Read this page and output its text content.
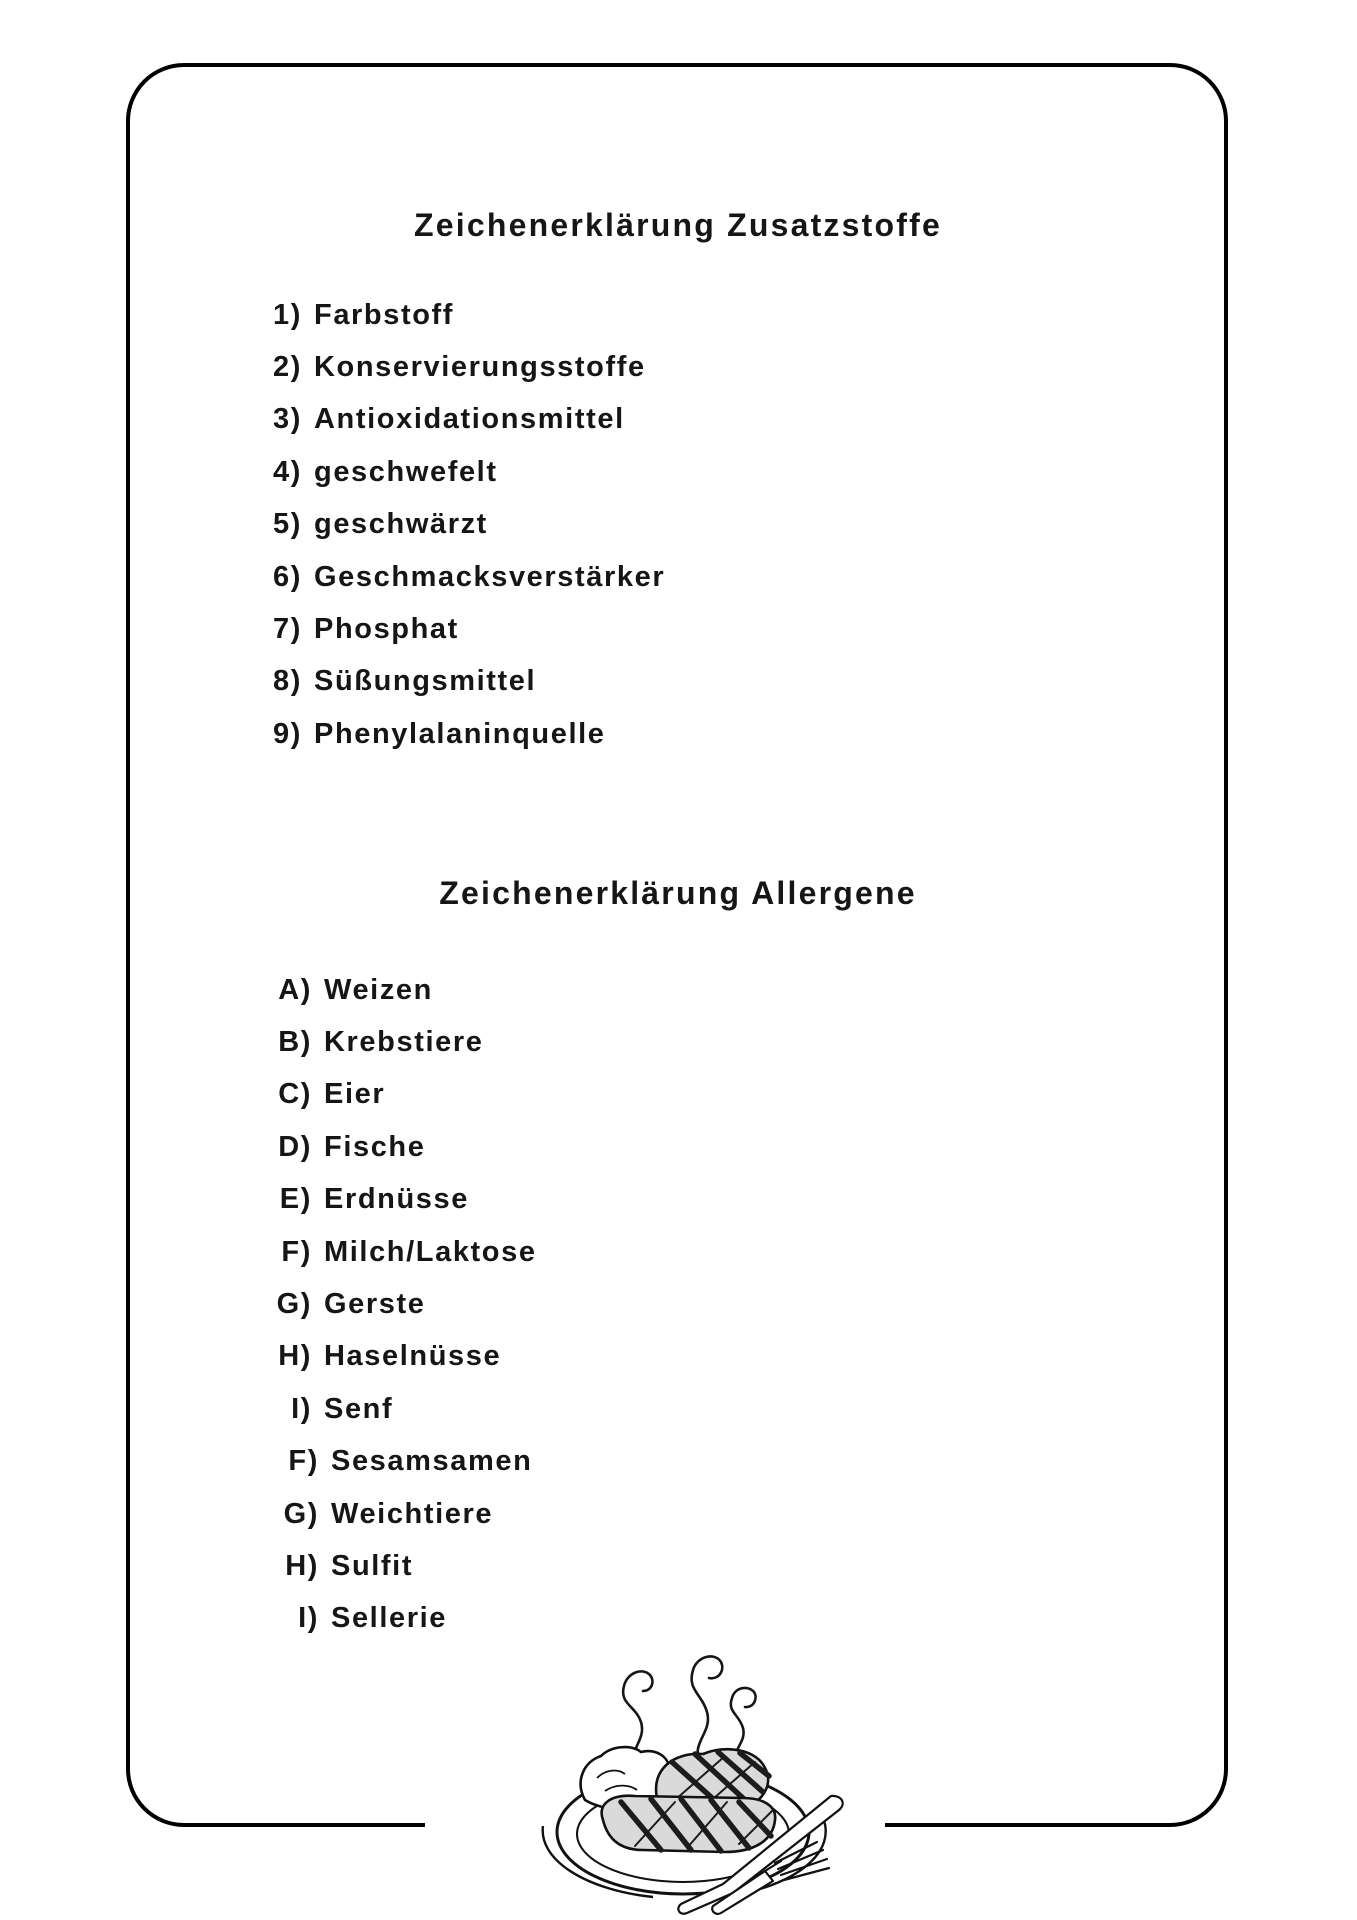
Zeichenerklärung Zusatzstoffe
1) Farbstoff
2) Konservierungsstoffe
3) Antioxidationsmittel
4) geschwefelt
5) geschwärzt
6) Geschmacksverstärker
7) Phosphat
8) Süßungsmittel
9) Phenylalaninquelle
Zeichenerklärung Allergene
A) Weizen
B) Krebstiere
C) Eier
D) Fische
E) Erdnüsse
F) Milch/Laktose
G) Gerste
H) Haselnüsse
I) Senf
F) Sesamsamen
G) Weichtiere
H) Sulfit
I) Sellerie
